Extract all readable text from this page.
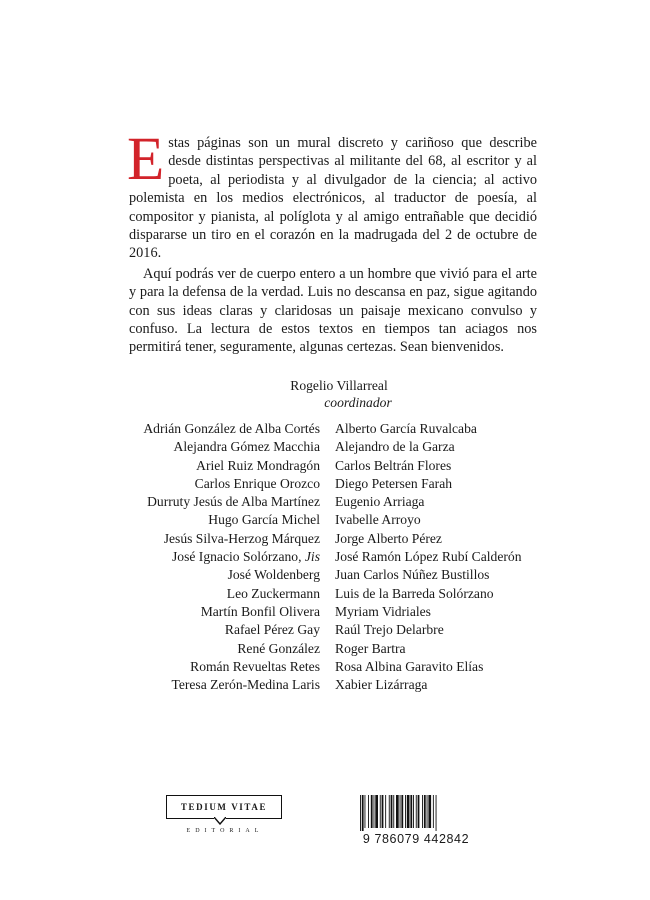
Estas páginas son un mural discreto y cariñoso que describe desde distintas perspectivas al militante del 68, al escritor y al poeta, al periodista y al divulgador de la ciencia; al activo polemista en los medios electrónicos, al traductor de poesía, al compositor y pianista, al políglota y al amigo entrañable que decidió dispararse un tiro en el corazón en la madrugada del 2 de octubre de 2016.

Aquí podrás ver de cuerpo entero a un hombre que vivió para el arte y para la defensa de la verdad. Luis no descansa en paz, sigue agitando con sus ideas claras y claridosas un paisaje mexicano convulso y confuso. La lectura de estos textos en tiempos tan aciagos nos permitirá tener, seguramente, algunas certezas. Sean bienvenidos.

Rogelio Villarreal
coordinador
Adrián González de Alba Cortés
Alejandra Gómez Macchia
Ariel Ruiz Mondragón
Carlos Enrique Orozco
Durruty Jesús de Alba Martínez
Hugo García Michel
Jesús Silva-Herzog Márquez
José Ignacio Solórzano, Jis
José Woldenberg
Leo Zuckermann
Martín Bonfil Olivera
Rafael Pérez Gay
René González
Román Revueltas Retes
Teresa Zerón-Medina Laris
Alberto García Ruvalcaba
Alejandro de la Garza
Carlos Beltrán Flores
Diego Petersen Farah
Eugenio Arriaga
Ivabelle Arroyo
Jorge Alberto Pérez
José Ramón López Rubí Calderón
Juan Carlos Núñez Bustillos
Luis de la Barreda Solórzano
Myriam Vidriales
Raúl Trejo Delarbre
Roger Bartra
Rosa Albina Garavito Elías
Xabier Lizárraga
TEDIUM VITAE
EDITORIAL
9 786079 442842
